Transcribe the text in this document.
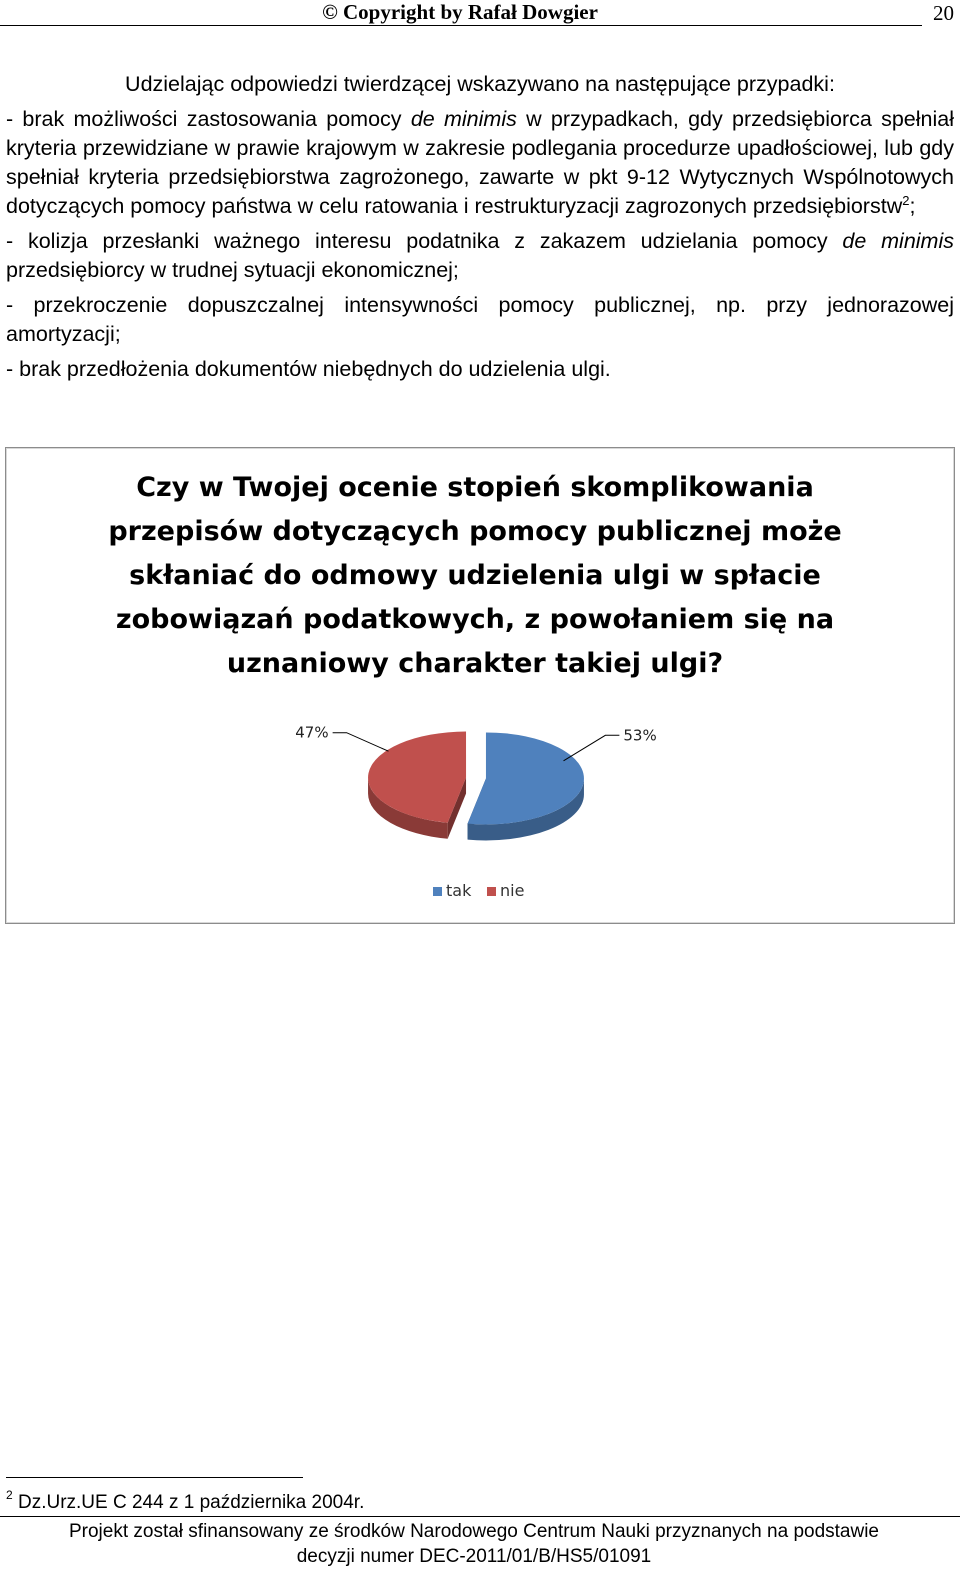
© Copyright by Rafał Dowgier	20

Udzielając odpowiedzi twierdzącej wskazywano na następujące przypadki:

- brak możliwości zastosowania pomocy de minimis w przypadkach, gdy przedsiębiorca spełniał kryteria przewidziane w prawie krajowym w zakresie podlegania procedurze upadłościowej, lub gdy spełniał kryteria przedsiębiorstwa zagrożonego, zawarte w pkt 9-12 Wytycznych Wspólnotowych dotyczących pomocy państwa w celu ratowania i restrukturyzacji zagrozonych przedsiębiorstw$^2$;

- kolizja przesłanki ważnego interesu podatnika z zakazem udzielania pomocy de minimis przedsiębiorcy w trudnej sytuacji ekonomicznej;

- przekroczenie dopuszczalnej intensywności pomocy publicznej, np. przy jednorazowej amortyzacji;

- brak przedłożenia dokumentów niebędnych do udzielenia ulgi.

Czy w Twojej ocenie stopień skomplikowania
przepisów dotyczących pomocy publicznej może
skłaniać do odmowy udzielenia ulgi w spłacie
zobowiązań podatkowych, z powołaniem się na
uznaniowy charakter takiej ulgi?
53%
47%
tak nie
$^2$ Dz.Urz.UE C 244 z 1 października 2004r.
Projekt został sfinansowany ze środków Narodowego Centrum Nauki przyznanych na podstawie
decyzji numer DEC-2011/01/B/HS5/01091
